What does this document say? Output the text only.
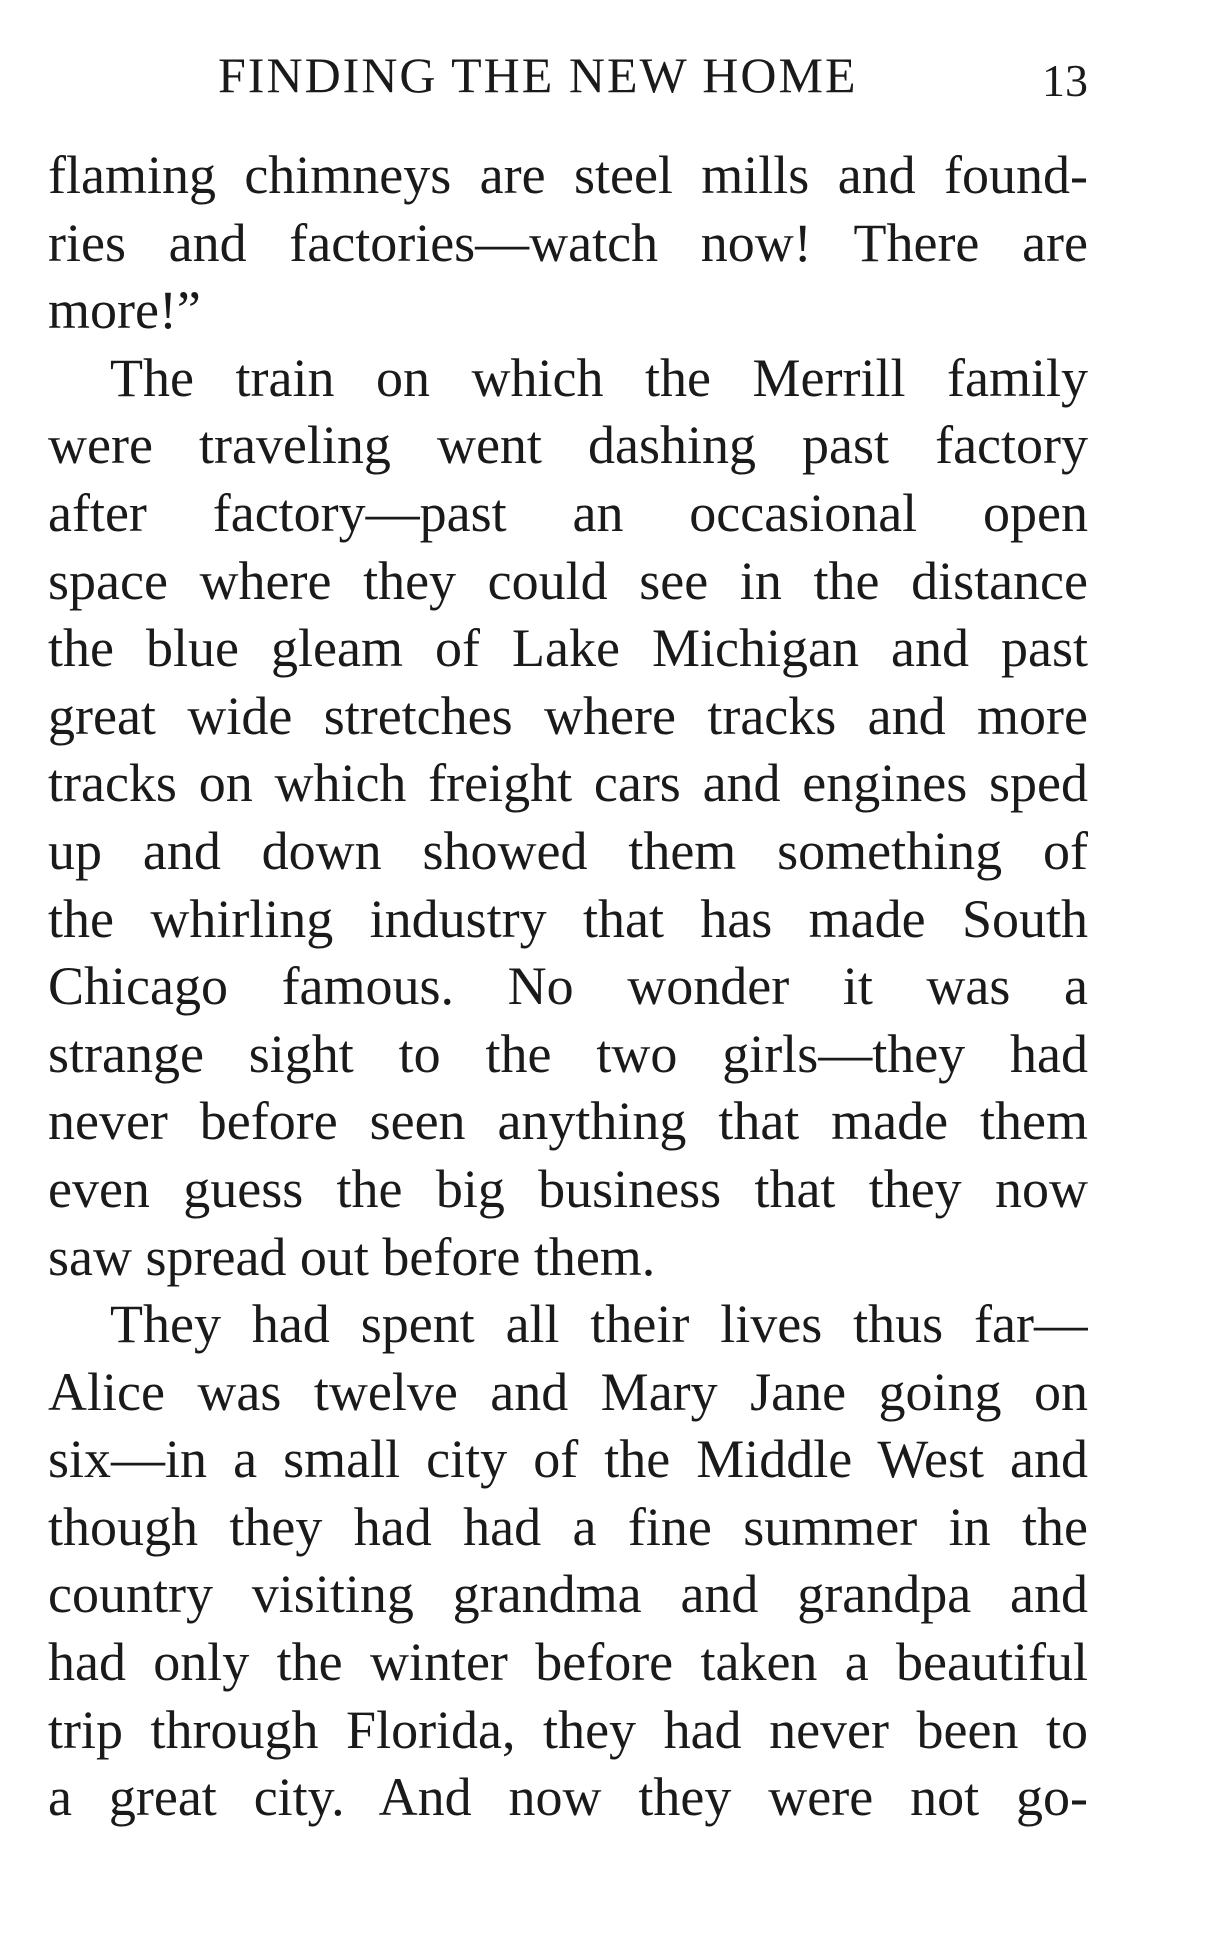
FINDING THE NEW HOME	13
flaming chimneys are steel mills and found-
ries and factories—watch now! There are
more!”
The train on which the Merrill family
were traveling went dashing past factory
after factory—past an occasional open
space where they could see in the distance
the blue gleam of Lake Michigan and past
great wide stretches where tracks and more
tracks on which freight cars and engines sped
up and down showed them something of
the whirling industry that has made South
Chicago famous. No wonder it was a
strange sight to the two girls—they had
never before seen anything that made them
even guess the big business that they now
saw spread out before them.
They had spent all their lives thus far—
Alice was twelve and Mary Jane going on
six—in a small city of the Middle West and
though they had had a fine summer in the
country visiting grandma and grandpa and
had only the winter before taken a beautiful
trip through Florida, they had never been to
a great city. And now they were not go-
